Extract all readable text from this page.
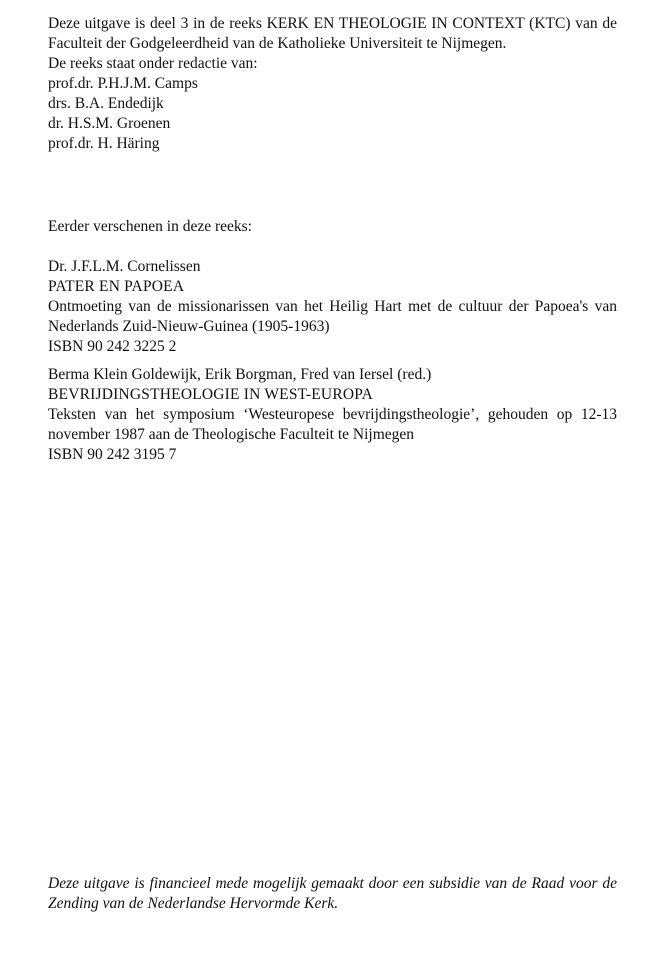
Deze uitgave is deel 3 in de reeks KERK EN THEOLOGIE IN CONTEXT (KTC) van de Faculteit der Godgeleerdheid van de Katholieke Universiteit te Nijmegen.

De reeks staat onder redactie van:
prof.dr. P.H.J.M. Camps
drs. B.A. Endedijk
dr. H.S.M. Groenen
prof.dr. H. Häring
Eerder verschenen in deze reeks:
Dr. J.F.L.M. Cornelissen
PATER EN PAPOEA

Ontmoeting van de missionarissen van het Heilig Hart met de cultuur der Papoea's van Nederlands Zuid-Nieuw-Guinea (1905-1963)

ISBN 90 242 3225 2
Berma Klein Goldewijk, Erik Borgman, Fred van Iersel (red.)
BEVRIJDINGSTHEOLOGIE IN WEST-EUROPA

Teksten van het symposium ‘Westeuropese bevrijdingstheologie’, gehouden op 12-13 november 1987 aan de Theologische Faculteit te Nijmegen

ISBN 90 242 3195 7

Deze uitgave is financieel mede mogelijk gemaakt door een subsidie van de Raad voor de Zending van de Nederlandse Hervormde Kerk.
